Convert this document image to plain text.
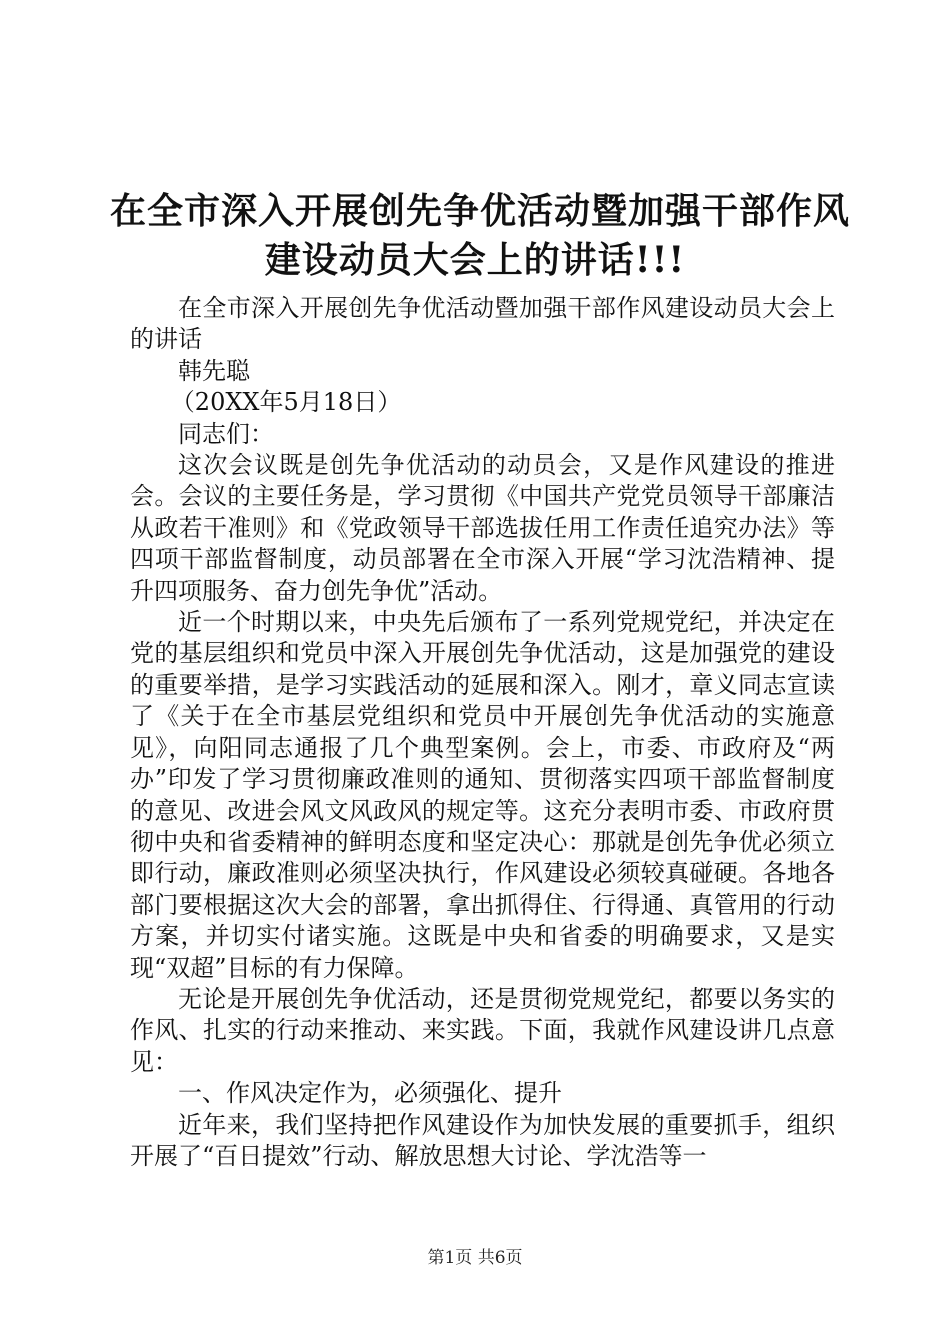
在全市深入开展创先争优活动暨加强干部作风
建设动员大会上的讲话!!!

在全市深入开展创先争优活动暨加强干部作风建设动员大会上的讲话

韩先聪

（20XX年5月18日）

同志们：

这次会议既是创先争优活动的动员会，又是作风建设的推进会。会议的主要任务是，学习贯彻《中国共产党党员领导干部廉洁从政若干准则》和《党政领导干部选拔任用工作责任追究办法》等四项干部监督制度，动员部署在全市深入开展“学习沈浩精神、提升四项服务、奋力创先争优”活动。

近一个时期以来，中央先后颁布了一系列党规党纪，并决定在党的基层组织和党员中深入开展创先争优活动，这是加强党的建设的重要举措，是学习实践活动的延展和深入。刚才，章义同志宣读了《关于在全市基层党组织和党员中开展创先争优活动的实施意见》，向阳同志通报了几个典型案例。会上，市委、市政府及“两办”印发了学习贯彻廉政准则的通知、贯彻落实四项干部监督制度的意见、改进会风文风政风的规定等。这充分表明市委、市政府贯彻中央和省委精神的鲜明态度和坚定决心：那就是创先争优必须立即行动，廉政准则必须坚决执行，作风建设必须较真碰硬。各地各部门要根据这次大会的部署，拿出抓得住、行得通、真管用的行动方案，并切实付诸实施。这既是中央和省委的明确要求，又是实现“双超”目标的有力保障。

无论是开展创先争优活动，还是贯彻党规党纪，都要以务实的作风、扎实的行动来推动、来实践。下面，我就作风建设讲几点意见：

一、作风决定作为，必须强化、提升

近年来，我们坚持把作风建设作为加快发展的重要抓手，组织开展了“百日提效”行动、解放思想大讨论、学沈浩等一

第1页 共6页
